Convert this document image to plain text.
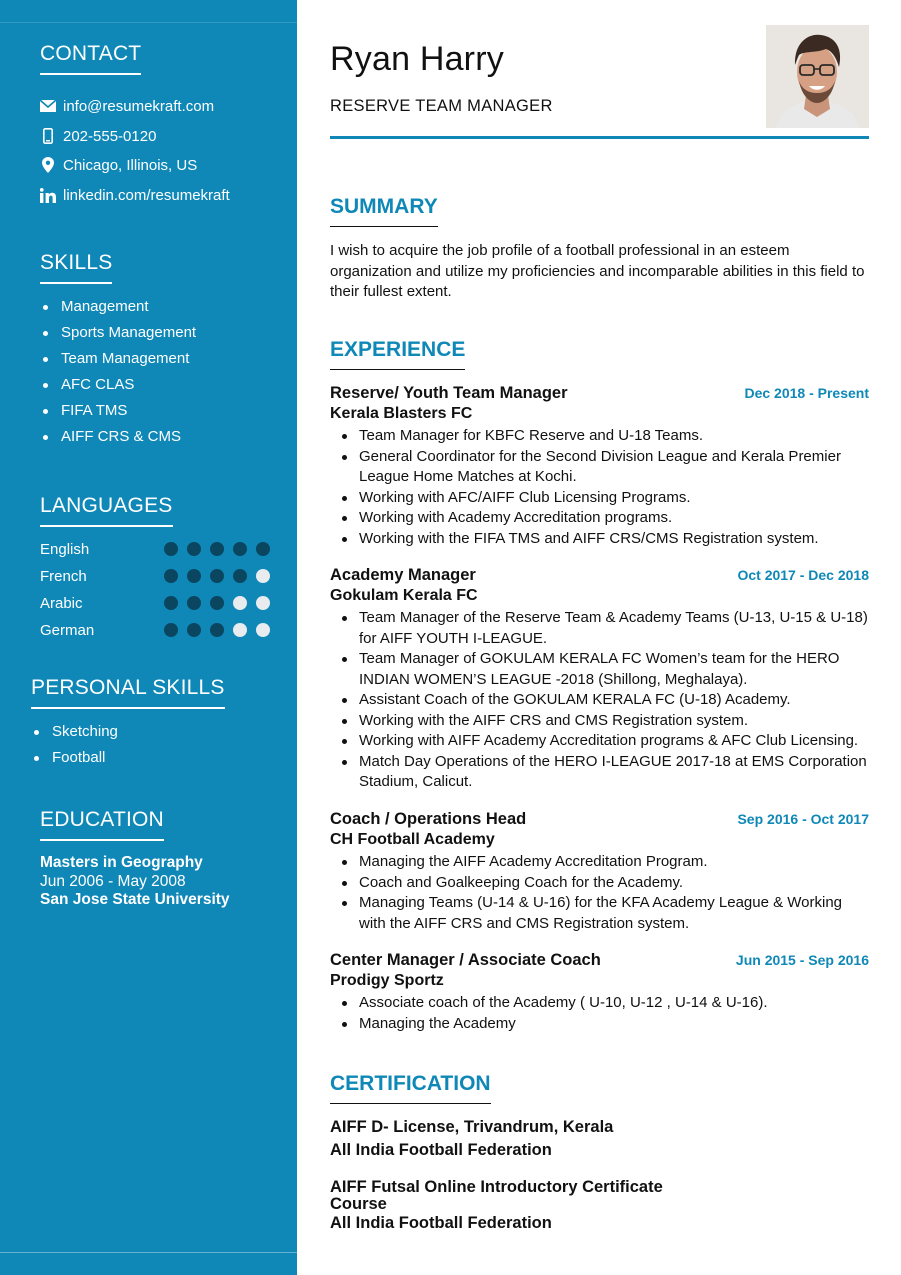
CONTACT
info@resumekraft.com
202-555-0120
Chicago, Illinois, US
linkedin.com/resumekraft
SKILLS
Management
Sports Management
Team Management
AFC CLAS
FIFA TMS
AIFF CRS & CMS
LANGUAGES
English
French
Arabic
German
PERSONAL SKILLS
Sketching
Football
EDUCATION
Masters in Geography
Jun 2006 - May 2008
San Jose State University
Ryan Harry
RESERVE TEAM MANAGER
SUMMARY

I wish to acquire the job profile of a football professional in an esteem organization and utilize my proficiencies and incomparable abilities in this field to their fullest extent.

EXPERIENCE
Reserve/ Youth Team Manager	Dec 2018 - Present
Kerala Blasters FC
Team Manager for KBFC Reserve and U-18 Teams.
General Coordinator for the Second Division League and Kerala Premier League Home Matches at Kochi.
Working with AFC/AIFF Club Licensing Programs.
Working with Academy Accreditation programs.
Working with the FIFA TMS and AIFF CRS/CMS Registration system.
Academy Manager	Oct 2017 - Dec 2018
Gokulam Kerala FC
Team Manager of the Reserve Team & Academy Teams (U-13, U-15 & U-18) for AIFF YOUTH I-LEAGUE.
Team Manager of GOKULAM KERALA FC Women’s team for the HERO INDIAN WOMEN’S LEAGUE -2018 (Shillong, Meghalaya).
Assistant Coach of the GOKULAM KERALA FC (U-18) Academy.
Working with the AIFF CRS and CMS Registration system.
Working with AIFF Academy Accreditation programs & AFC Club Licensing.
Match Day Operations of the HERO I-LEAGUE 2017-18 at EMS Corporation Stadium, Calicut.
Coach / Operations Head	Sep 2016 - Oct 2017
CH Football Academy
Managing the AIFF Academy Accreditation Program.
Coach and Goalkeeping Coach for the Academy.
Managing Teams (U-14 & U-16) for the KFA Academy League & Working with the AIFF CRS and CMS Registration system.
Center Manager / Associate Coach	Jun 2015 - Sep 2016
Prodigy Sportz
Associate coach of the Academy ( U-10, U-12 , U-14 & U-16).
Managing the Academy
CERTIFICATION
AIFF D- License, Trivandrum, Kerala
All India Football Federation
AIFF Futsal Online Introductory Certificate Course
All India Football Federation
